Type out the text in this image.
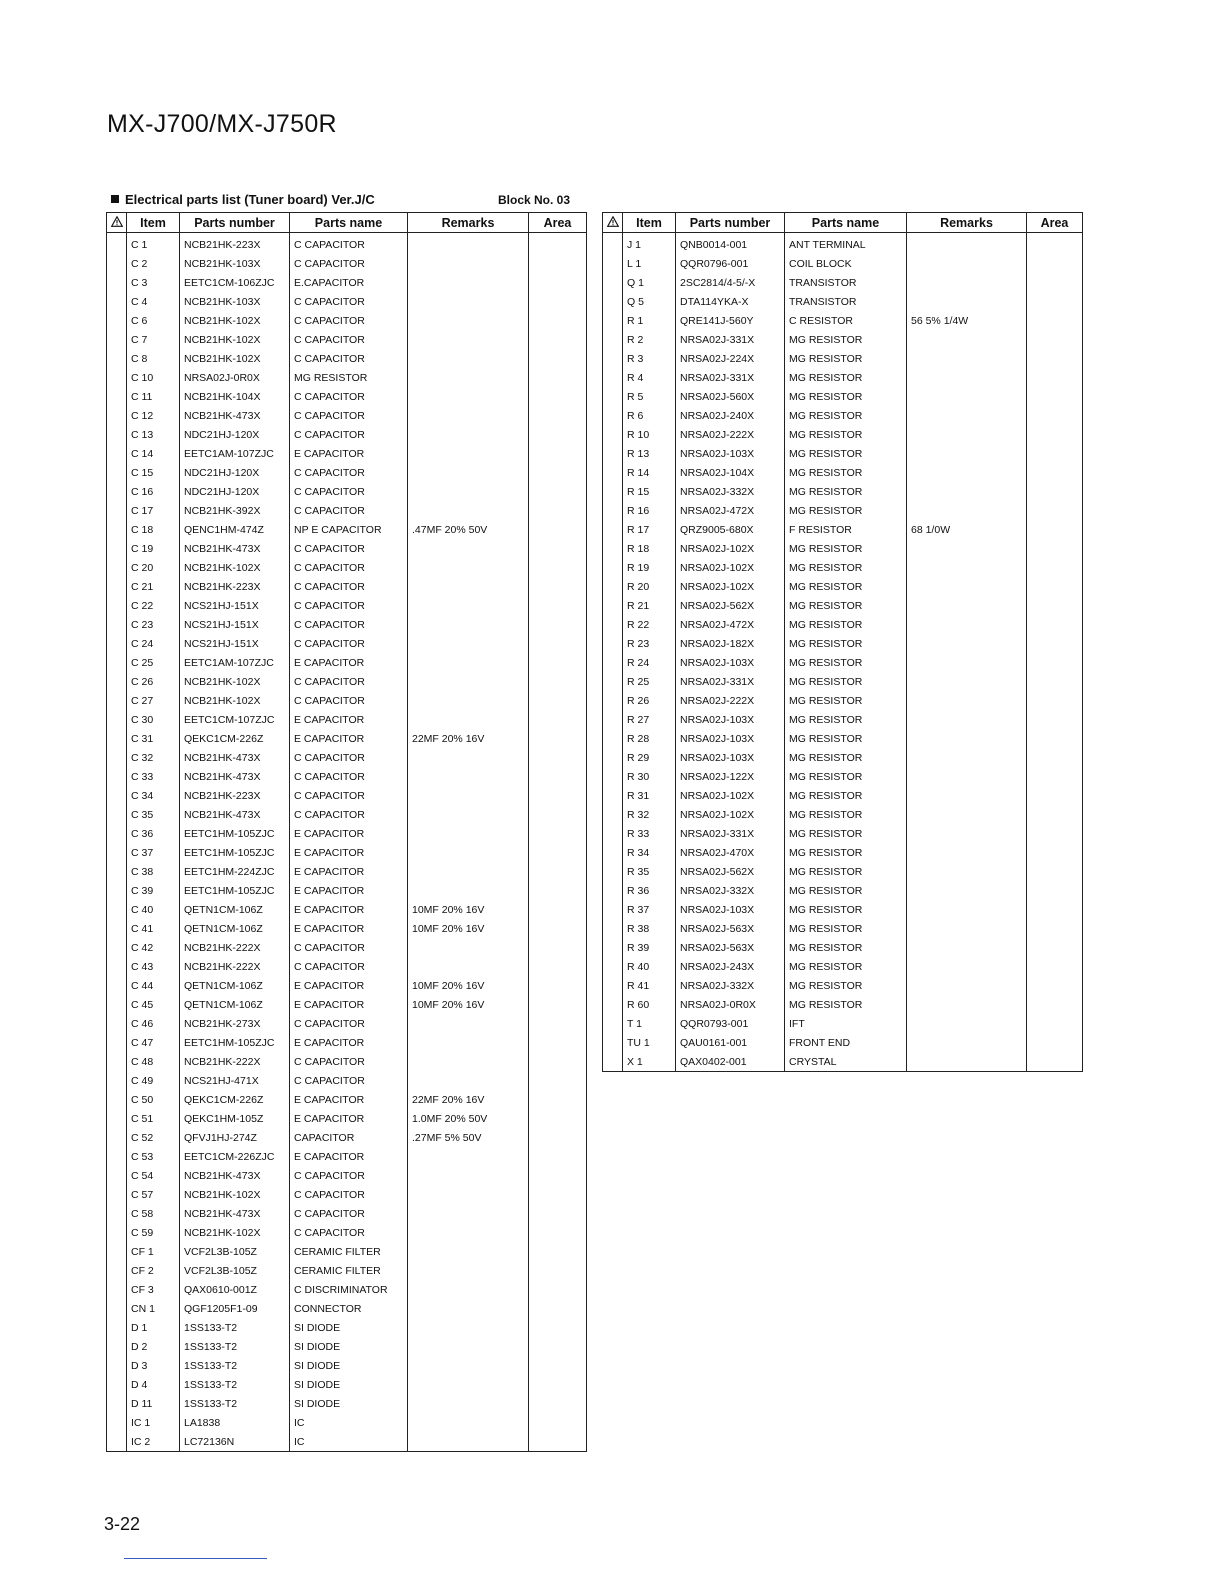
MX-J700/MX-J750R
Electrical parts list (Tuner board) Ver.J/C	Block No. 03
	Item	Parts number	Parts name	Remarks	Area
	C 1	NCB21HK-223X	C CAPACITOR		
	C 2	NCB21HK-103X	C CAPACITOR		
	C 3	EETC1CM-106ZJC	E.CAPACITOR		
	C 4	NCB21HK-103X	C CAPACITOR		
	C 6	NCB21HK-102X	C CAPACITOR		
	C 7	NCB21HK-102X	C CAPACITOR		
	C 8	NCB21HK-102X	C CAPACITOR		
	C 10	NRSA02J-0R0X	MG RESISTOR		
	C 11	NCB21HK-104X	C CAPACITOR		
	C 12	NCB21HK-473X	C CAPACITOR		
	C 13	NDC21HJ-120X	C CAPACITOR		
	C 14	EETC1AM-107ZJC	E CAPACITOR		
	C 15	NDC21HJ-120X	C CAPACITOR		
	C 16	NDC21HJ-120X	C CAPACITOR		
	C 17	NCB21HK-392X	C CAPACITOR		
	C 18	QENC1HM-474Z	NP E CAPACITOR	.47MF 20% 50V	
	C 19	NCB21HK-473X	C CAPACITOR		
	C 20	NCB21HK-102X	C CAPACITOR		
	C 21	NCB21HK-223X	C CAPACITOR		
	C 22	NCS21HJ-151X	C CAPACITOR		
	C 23	NCS21HJ-151X	C CAPACITOR		
	C 24	NCS21HJ-151X	C CAPACITOR		
	C 25	EETC1AM-107ZJC	E CAPACITOR		
	C 26	NCB21HK-102X	C CAPACITOR		
	C 27	NCB21HK-102X	C CAPACITOR		
	C 30	EETC1CM-107ZJC	E CAPACITOR		
	C 31	QEKC1CM-226Z	E CAPACITOR	22MF 20% 16V	
	C 32	NCB21HK-473X	C CAPACITOR		
	C 33	NCB21HK-473X	C CAPACITOR		
	C 34	NCB21HK-223X	C CAPACITOR		
	C 35	NCB21HK-473X	C CAPACITOR		
	C 36	EETC1HM-105ZJC	E CAPACITOR		
	C 37	EETC1HM-105ZJC	E CAPACITOR		
	C 38	EETC1HM-224ZJC	E CAPACITOR		
	C 39	EETC1HM-105ZJC	E CAPACITOR		
	C 40	QETN1CM-106Z	E CAPACITOR	10MF 20% 16V	
	C 41	QETN1CM-106Z	E CAPACITOR	10MF 20% 16V	
	C 42	NCB21HK-222X	C CAPACITOR		
	C 43	NCB21HK-222X	C CAPACITOR		
	C 44	QETN1CM-106Z	E CAPACITOR	10MF 20% 16V	
	C 45	QETN1CM-106Z	E CAPACITOR	10MF 20% 16V	
	C 46	NCB21HK-273X	C CAPACITOR		
	C 47	EETC1HM-105ZJC	E CAPACITOR		
	C 48	NCB21HK-222X	C CAPACITOR		
	C 49	NCS21HJ-471X	C CAPACITOR		
	C 50	QEKC1CM-226Z	E CAPACITOR	22MF 20% 16V	
	C 51	QEKC1HM-105Z	E CAPACITOR	1.0MF 20% 50V	
	C 52	QFVJ1HJ-274Z	CAPACITOR	.27MF 5% 50V	
	C 53	EETC1CM-226ZJC	E CAPACITOR		
	C 54	NCB21HK-473X	C CAPACITOR		
	C 57	NCB21HK-102X	C CAPACITOR		
	C 58	NCB21HK-473X	C CAPACITOR		
	C 59	NCB21HK-102X	C CAPACITOR		
	CF 1	VCF2L3B-105Z	CERAMIC FILTER		
	CF 2	VCF2L3B-105Z	CERAMIC FILTER		
	CF 3	QAX0610-001Z	C DISCRIMINATOR		
	CN 1	QGF1205F1-09	CONNECTOR		
	D 1	1SS133-T2	SI DIODE		
	D 2	1SS133-T2	SI DIODE		
	D 3	1SS133-T2	SI DIODE		
	D 4	1SS133-T2	SI DIODE		
	D 11	1SS133-T2	SI DIODE		
	IC 1	LA1838	IC		
	IC 2	LC72136N	IC		
	Item	Parts number	Parts name	Remarks	Area
	J 1	QNB0014-001	ANT TERMINAL		
	L 1	QQR0796-001	COIL BLOCK		
	Q 1	2SC2814/4-5/-X	TRANSISTOR		
	Q 5	DTA114YKA-X	TRANSISTOR		
	R 1	QRE141J-560Y	C RESISTOR	56 5% 1/4W	
	R 2	NRSA02J-331X	MG RESISTOR		
	R 3	NRSA02J-224X	MG RESISTOR		
	R 4	NRSA02J-331X	MG RESISTOR		
	R 5	NRSA02J-560X	MG RESISTOR		
	R 6	NRSA02J-240X	MG RESISTOR		
	R 10	NRSA02J-222X	MG RESISTOR		
	R 13	NRSA02J-103X	MG RESISTOR		
	R 14	NRSA02J-104X	MG RESISTOR		
	R 15	NRSA02J-332X	MG RESISTOR		
	R 16	NRSA02J-472X	MG RESISTOR		
	R 17	QRZ9005-680X	F RESISTOR	68 1/0W	
	R 18	NRSA02J-102X	MG RESISTOR		
	R 19	NRSA02J-102X	MG RESISTOR		
	R 20	NRSA02J-102X	MG RESISTOR		
	R 21	NRSA02J-562X	MG RESISTOR		
	R 22	NRSA02J-472X	MG RESISTOR		
	R 23	NRSA02J-182X	MG RESISTOR		
	R 24	NRSA02J-103X	MG RESISTOR		
	R 25	NRSA02J-331X	MG RESISTOR		
	R 26	NRSA02J-222X	MG RESISTOR		
	R 27	NRSA02J-103X	MG RESISTOR		
	R 28	NRSA02J-103X	MG RESISTOR		
	R 29	NRSA02J-103X	MG RESISTOR		
	R 30	NRSA02J-122X	MG RESISTOR		
	R 31	NRSA02J-102X	MG RESISTOR		
	R 32	NRSA02J-102X	MG RESISTOR		
	R 33	NRSA02J-331X	MG RESISTOR		
	R 34	NRSA02J-470X	MG RESISTOR		
	R 35	NRSA02J-562X	MG RESISTOR		
	R 36	NRSA02J-332X	MG RESISTOR		
	R 37	NRSA02J-103X	MG RESISTOR		
	R 38	NRSA02J-563X	MG RESISTOR		
	R 39	NRSA02J-563X	MG RESISTOR		
	R 40	NRSA02J-243X	MG RESISTOR		
	R 41	NRSA02J-332X	MG RESISTOR		
	R 60	NRSA02J-0R0X	MG RESISTOR		
	T 1	QQR0793-001	IFT		
	TU 1	QAU0161-001	FRONT END		
	X 1	QAX0402-001	CRYSTAL		
3-22
